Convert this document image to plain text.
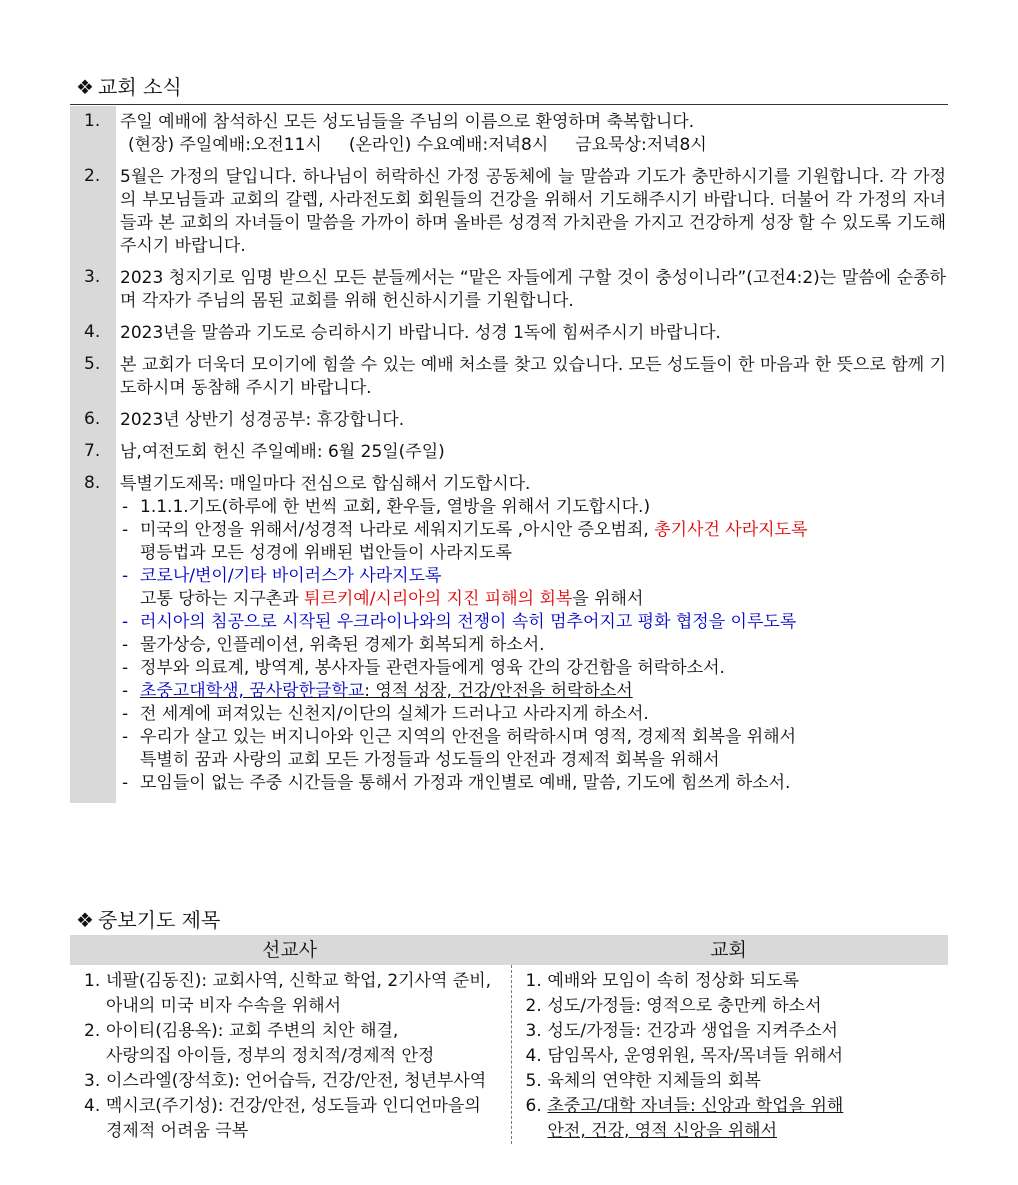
❖ 교회 소식
1.	주일 예배에 참석하신 모든 성도님들을 주님의 이름으로 환영하며 축복합니다.

(현장) 주일예배:오전11시     (온라인) 수요예배:저녁8시     금요묵상:저녁8시

2.	5월은 가정의 달입니다. 하나님이 허락하신 가정 공동체에 늘 말씀과 기도가 충만하시기를 기원합니다. 각 가정의 부모님들과 교회의 갈렙, 사라전도회 회원들의 건강을 위해서 기도해주시기 바랍니다. 더불어 각 가정의 자녀들과 본 교회의 자녀들이 말씀을 가까이 하며 올바른 성경적 가치관을 가지고 건강하게 성장 할 수 있도록 기도해주시기 바랍니다.

3.	2023 청지기로 임명 받으신 모든 분들께서는 “맡은 자들에게 구할 것이 충성이니라”(고전4:2)는 말씀에 순종하며 각자가 주님의 몸된 교회를 위해 헌신하시기를 기원합니다.

4.	2023년을 말씀과 기도로 승리하시기 바랍니다. 성경 1독에 힘써주시기 바랍니다.

5.	본 교회가 더욱더 모이기에 힘쓸 수 있는 예배 처소를 찾고 있습니다. 모든 성도들이 한 마음과 한 뜻으로 함께 기도하시며 동참해 주시기 바랍니다.

6.	2023년 상반기 성경공부: 휴강합니다.

7.	남,여전도회 헌신 주일예배: 6월 25일(주일)

8.	특별기도제목: 매일마다 전심으로 합심해서 기도합시다.

- 1.1.1.기도(하루에 한 번씩 교회, 환우들, 열방을 위해서 기도합시다.)
- 미국의 안정을 위해서/성경적 나라로 세워지기도록 ,아시안 증오범죄, 총기사건 사라지도록
평등법과 모든 성경에 위배된 법안들이 사라지도록
- 코로나/변이/기타 바이러스가 사라지도록
고통 당하는 지구촌과 튀르키예/시리아의 지진 피해의 회복을 위해서
- 러시아의 침공으로 시작된 우크라이나와의 전쟁이 속히 멈추어지고 평화 협정을 이루도록
- 물가상승, 인플레이션, 위축된 경제가 회복되게 하소서.
- 정부와 의료계, 방역계, 봉사자들 관련자들에게 영육 간의 강건함을 허락하소서.
- 초중고대학생, 꿈사랑한글학교: 영적 성장, 건강/안전을 허락하소서
- 전 세계에 퍼져있는 신천지/이단의 실체가 드러나고 사라지게 하소서.
- 우리가 살고 있는 버지니아와 인근 지역의 안전을 허락하시며 영적, 경제적 회복을 위해서
특별히 꿈과 사랑의 교회 모든 가정들과 성도들의 안전과 경제적 회복을 위해서
- 모임들이 없는 주중 시간들을 통해서 가정과 개인별로 예배, 말씀, 기도에 힘쓰게 하소서.
❖ 중보기도 제목
선교사	교회
1. 네팔(김동진): 교회사역, 신학교 학업, 2기사역 준비,
아내의 미국 비자 수속을 위해서
2. 아이티(김용옥): 교회 주변의 치안 해결,
사랑의집 아이들, 정부의 정치적/경제적 안정
3. 이스라엘(장석호): 언어습득, 건강/안전, 청년부사역
4. 멕시코(주기성): 건강/안전, 성도들과 인디언마을의
경제적 어려움 극복
1. 예배와 모임이 속히 정상화 되도록
2. 성도/가정들: 영적으로 충만케 하소서
3. 성도/가정들: 건강과 생업을 지켜주소서
4. 담임목사, 운영위원, 목자/목녀들 위해서
5. 육체의 연약한 지체들의 회복
6. 초중고/대학 자녀들: 신앙과 학업을 위해
안전, 건강, 영적 신앙을 위해서
